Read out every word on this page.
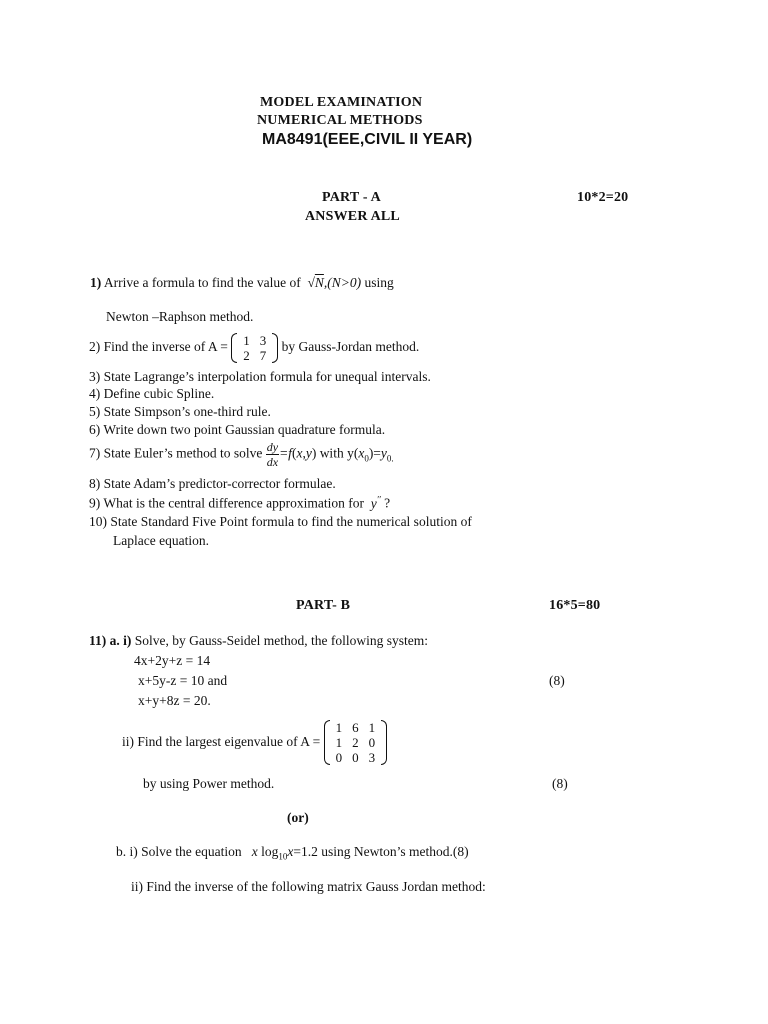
MODEL EXAMINATION
NUMERICAL METHODS
MA8491(EEE,CIVIL II YEAR)
PART - A	10*2=20
ANSWER ALL
1) Arrive a formula to find the value of  √N,(N>0) using
Newton –Raphson method.
2) Find the inverse of A = 1	3
2	7
by Gauss-Jordan method.
3) State Lagrange’s interpolation formula for unequal intervals.
4) Define cubic Spline.
5) State Simpson’s one-third rule.
6) Write down two point Gaussian quadrature formula.
7) State Euler’s method to solve $\frac{dy}{dx} =f(x,y)$ with $y(x_0)=y_{0.}$
8) State Adam’s predictor-corrector formulae.
9) What is the central difference approximation for  y′′ ?
10) State Standard Five Point formula to find the numerical solution of
Laplace equation.
PART- B	16*5=80
11) a. i) Solve, by Gauss-Seidel method, the following system:
4x+2y+z = 14
x+5y-z = 10 and	(8)
x+y+8z = 20.
ii) Find the largest eigenvalue of A =
1	6	1
1	2	0
0	0	3
by using Power method.	(8)
(or)
b. i) Solve the equation x $\log_{10}x=1.2$ using Newton’s method.(8)
ii) Find the inverse of the following matrix Gauss Jordan method:
